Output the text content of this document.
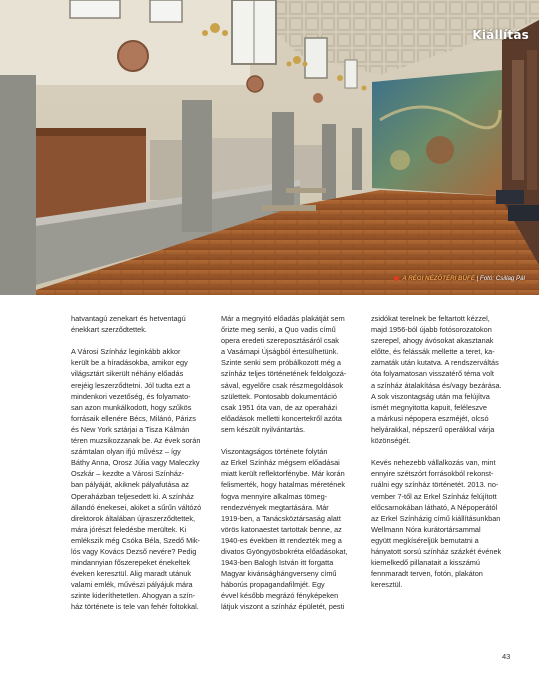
Kiállítás
A RÉGI NÉZŐTÉRI BÜFÉ | Fotó: Csillag Pál

hatvantagú zenekart és hetventagú
énekkart szerződtettek.

A Városi Színház leginkább akkor
került be a híradásokba, amikor egy
világsztárt sikerült néhány előadás
erejéig leszerződtetni. Jól tudta ezt a
mindenkori vezetőség, és folyamato-
san azon munkálkodott, hogy szűkös
forrásaik ellenére Bécs, Milánó, Párizs
és New York sztárjai a Tisza Kálmán
téren muzsikozzanak be. Az évek során
számtalan olyan ifjú művész – így
Báthy Anna, Orosz Júlia vagy Maleczky
Oszkár – kezdte a Városi Színház-
ban pályáját, akiknek pályafutása az
Operaházban teljesedett ki. A színház
állandó énekesei, akiket a sűrűn váltózó
direktorok általában újraszerződtettek,
mára jórészt feledésbe merültek. Ki
emlékszik még Csóka Béla, Szedő Mik-
lós vagy Kovács Dezső nevére? Pedig
mindannyian főszerepeket énekeltek
éveken keresztül. Alig maradt utánuk
valami emlék, művészi pályájuk mára
szinte kideríthetetlen. Ahogyan a szín-
ház története is tele van fehér foltokkal.

Már a megnyitó előadás plakátját sem
őrizte meg senki, a Quo vadis című
opera eredeti szereposztásáról csak
a Vasárnapi Újságból értesülhetünk.
Szinte senki sem próbálkozott még a
színház teljes történetének feldolgozá-
sával, egyelőre csak részmegoldások
születtek. Pontosabb dokumentáció
csak 1951 óta van, de az operaházi
előadások melletti koncertekről azóta
sem készült nyilvántartás.

Viszontagságos története folytán
az Erkel Színház mégsem előadásai
miatt került reflektorfénybe. Már korán
felismerték, hogy hatalmas méretének
fogva mennyire alkalmas tömeg-
rendezvények megtartására. Már
1919-ben, a Tanácsköztársaság alatt
vörös katonaestet tartottak benne, az
1940-es években itt rendezték meg a
divatos Gyöngyösbokréta előadásokat,
1943-ben Balogh István itt forgatta
Magyar kivánsághángverseny című
háborús propagandafilmjét. Egy
évvel később megrázó fényképeken
látjuk viszont a színház épületét, pesti

zsidókat terelnek be feltartott kézzel,
majd 1956-ból újabb fotósorozatokon
szerepel, ahogy ávósokat akasztanak
előtte, és felássák mellette a teret, ka-
zamaták után kutatva. A rendszerváltás
óta folyamatosan visszatérő téma volt
a színház átalakítása és/vagy bezárása.
A sok viszontagság után ma felújítva
ismét megnyitotta kapuit, feléleszve
a márkusi népopera eszméjét, olcsó
helyárakkal, népszerű operákkal várja
közönségét.

Kevés nehezebb vállalkozás van, mint
ennyire szétszórt forrásokból rekonst-
ruálni egy színház történetét. 2013. no-
vember 7-től az Erkel Színház felújított
előcsarnokában látható, A Népoperától
az Erkel Színházig című kiállításunkban
Wellmann Nóra kurátortársammal
együtt megkíséreljük bemutatni a
hányatott sorsú színház százkét évének
kiemelkedő pillanatait a kisszámú
fennmaradt terven, fotón, plakáton
keresztül.

43
